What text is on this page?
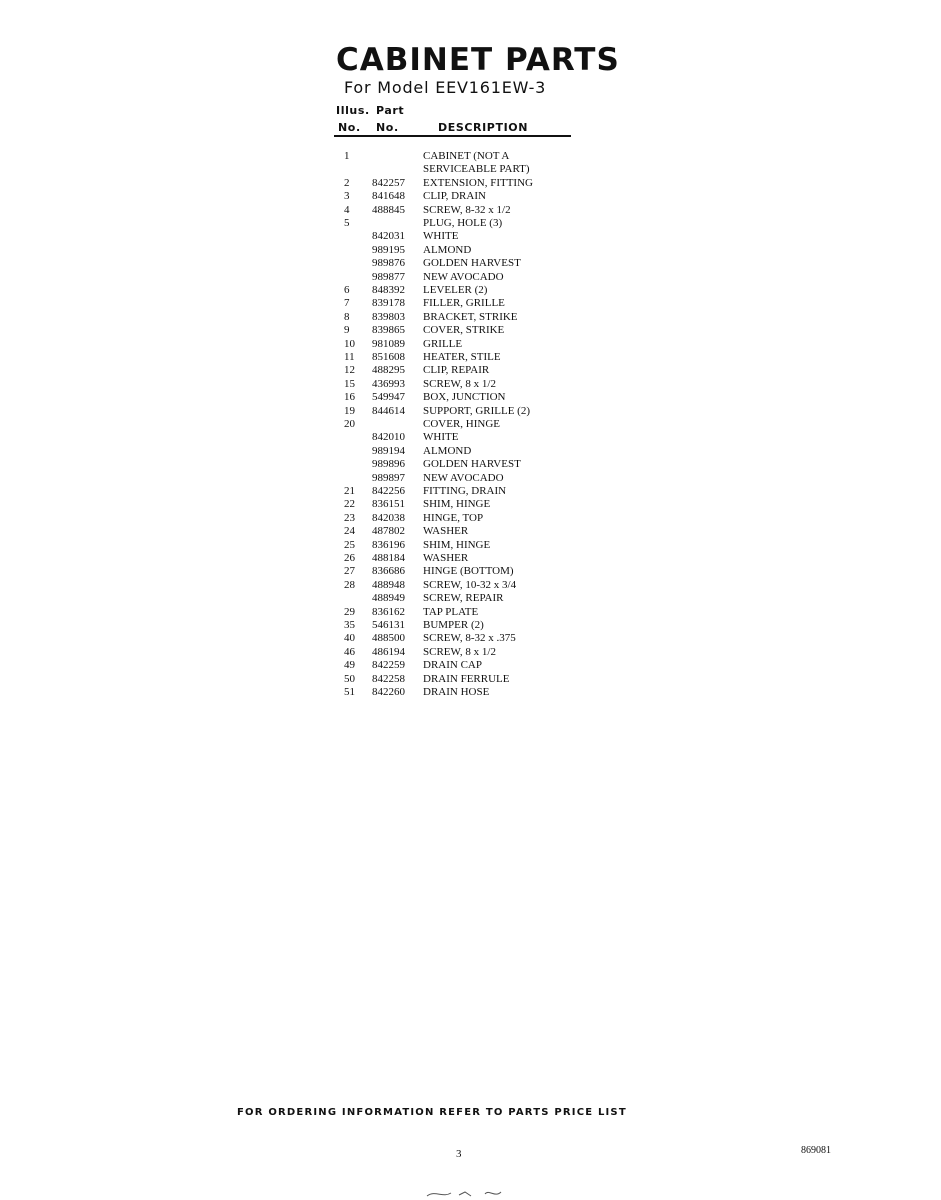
CABINET PARTS
For Model EEV161EW-3
Illus. Part
No. No.	DESCRIPTION
1	CABINET (NOT A
SERVICEABLE PART)
2	842257	EXTENSION, FITTING
3	841648	CLIP, DRAIN
4	488845	SCREW, 8-32 x 1/2
5	PLUG, HOLE (3)
842031	WHITE
989195	ALMOND
989876	GOLDEN HARVEST
989877	NEW AVOCADO
6	848392	LEVELER (2)
7	839178	FILLER, GRILLE
8	839803	BRACKET, STRIKE
9	839865	COVER, STRIKE
10	981089	GRILLE
11	851608	HEATER, STILE
12	488295	CLIP, REPAIR
15	436993	SCREW, 8 x 1/2
16	549947	BOX, JUNCTION
19	844614	SUPPORT, GRILLE (2)
20	COVER, HINGE
842010	WHITE
989194	ALMOND
989896	GOLDEN HARVEST
989897	NEW AVOCADO
21	842256	FITTING, DRAIN
22	836151	SHIM, HINGE
23	842038	HINGE, TOP
24	487802	WASHER
25	836196	SHIM, HINGE
26	488184	WASHER
27	836686	HINGE (BOTTOM)
28	488948	SCREW, 10-32 x 3/4
488949	SCREW, REPAIR
29	836162	TAP PLATE
35	546131	BUMPER (2)
40	488500	SCREW, 8-32 x .375
46	486194	SCREW, 8 x 1/2
49	842259	DRAIN CAP
50	842258	DRAIN FERRULE
51	842260	DRAIN HOSE
FOR ORDERING INFORMATION REFER TO PARTS PRICE LIST
3	869081
